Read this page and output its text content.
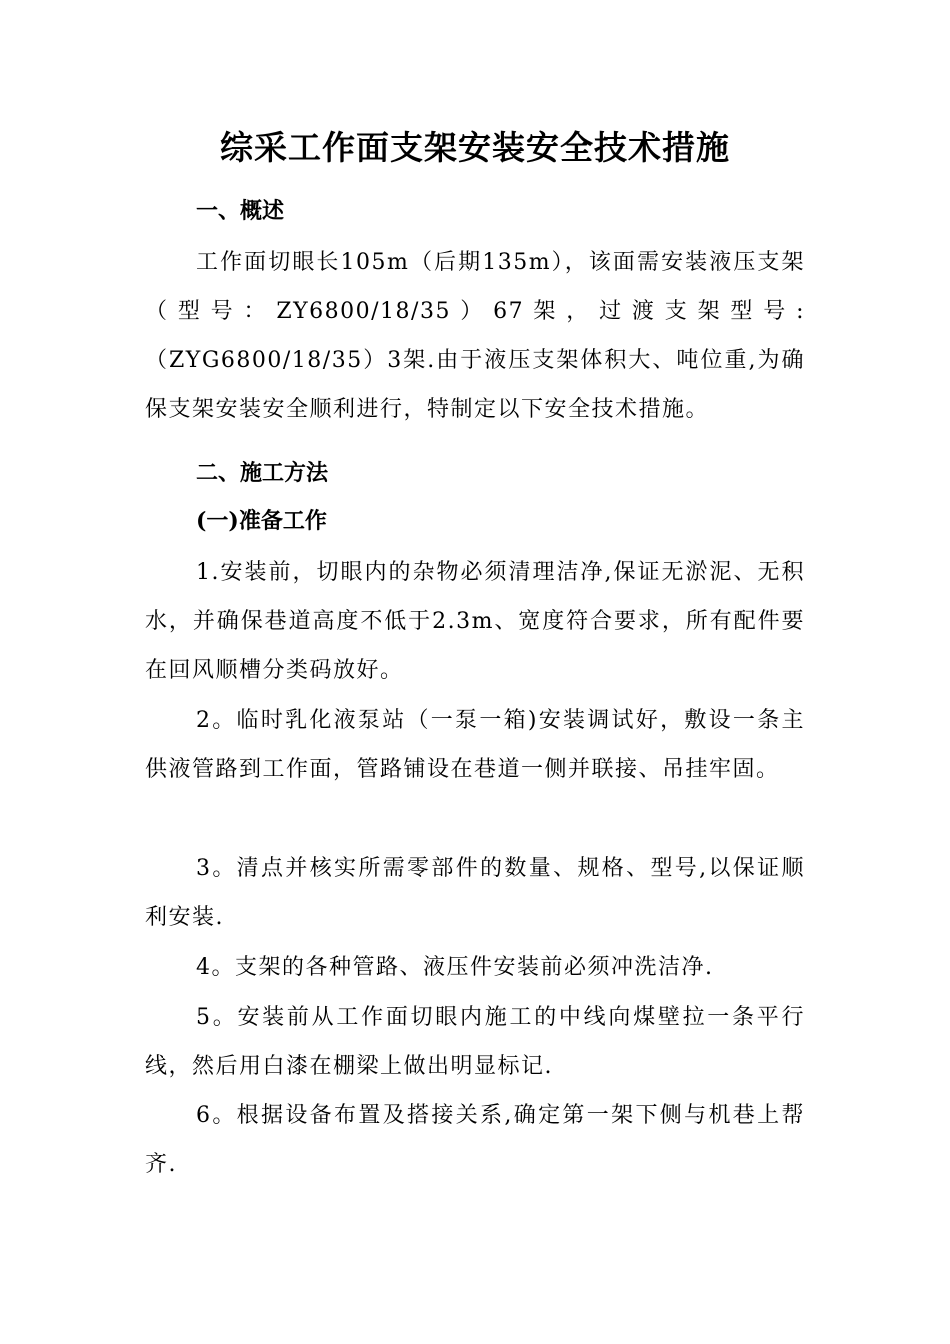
综采工作面支架安装安全技术措施
一、概述

工作面切眼长105m（后期135m），该面需安装液压支架（型号：ZY6800/18/35）67架，过渡支架型号:（ZYG6800/18/35）3架.由于液压支架体积大、吨位重,为确保支架安装安全顺利进行，特制定以下安全技术措施。

二、施工方法
(一)准备工作

1.安装前，切眼内的杂物必须清理洁净,保证无淤泥、无积水，并确保巷道高度不低于2.3m、宽度符合要求，所有配件要在回风顺槽分类码放好。

2。临时乳化液泵站（一泵一箱)安装调试好，敷设一条主供液管路到工作面，管路铺设在巷道一侧并联接、吊挂牢固。

3。清点并核实所需零部件的数量、规格、型号,以保证顺利安装.

4。支架的各种管路、液压件安装前必须冲洗洁净.

5。安装前从工作面切眼内施工的中线向煤壁拉一条平行线，然后用白漆在棚梁上做出明显标记.

6。根据设备布置及搭接关系,确定第一架下侧与机巷上帮齐.
